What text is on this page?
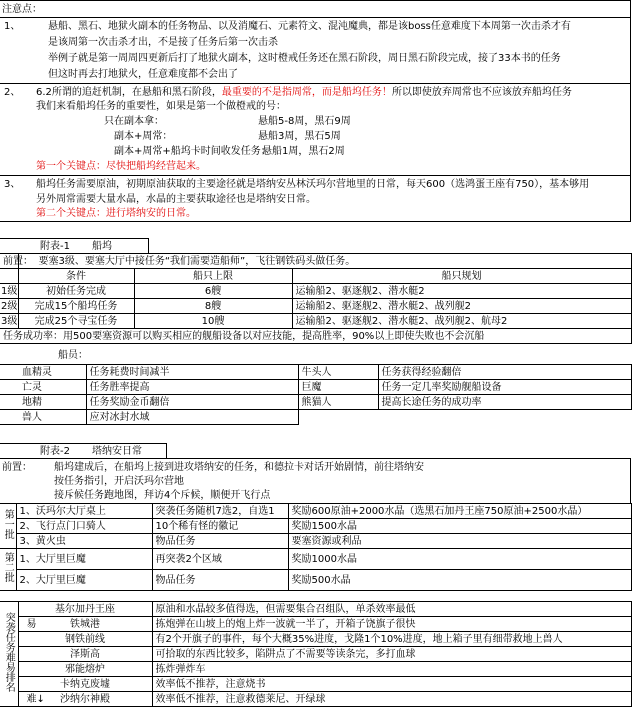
注意点：
1、	悬船、黑石、地狱火副本的任务物品、以及消魔石、元素符文、混沌魔典，都是该boss任意难度下本周第一次击杀才有
是该周第一次击杀才出，不是接了任务后第一次击杀
举例子就是第一周周四更新后打了地狱火副本，这时橙戒任务还在黑石阶段，周日黑石阶段完成，接了33本书的任务
但这时再去打地狱火，任意难度都不会出了
2、 6.2所谓的追赶机制，在悬船和黑石阶段，最重要的不是指周常，而是船坞任务！所以即使放弃周常也不应该放弃船坞任务
我们来看船坞任务的重要性，如果是第一个做橙戒的号：
只在副本拿：	悬船5-8周，黑石9周
副本+周常：	悬船3周，黑石5周
副本+周常+船坞卡时间收发任务：
悬船1周，黑石2周
第一个关键点：尽快把船坞经营起来。
3、 船坞任务需要原油，初期原油获取的主要途径就是塔纳安丛林沃玛尔营地里的日常，每天600（选鸿蛋王座有750），基本够用
另外周常需要大量水晶，水晶的主要获取途径也是塔纳安日常。
第二个关键点：进行塔纳安的日常。
附表-1 船坞
前置：	要塞3级、要塞大厅中接任务“我们需要造船师”，飞往钢铁码头做任务。		
	条件	船只上限	船只规划
1级	初始任务完成	6艘	运输船2、驱逐舰2、潜水艇2
2级	完成15个船坞任务	8艘	运输船2、驱逐舰2、潜水艇2、战列舰2
3级	完成25个寻宝任务	10艘	运输船2、驱逐舰2、潜水艇2、战列舰2、航母2
任务成功率：用500要塞资源可以购买相应的舰船设备以对应技能，提高胜率，90%以上即使失败也不会沉船			
船员：
血精灵	任务耗费时间减半	牛头人	任务获得经验翻倍
亡灵	任务胜率提高	巨魔	任务一定几率奖励舰船设备
地精	任务奖励金币翻倍	熊猫人	提高长途任务的成功率
兽人	应对冰封水域		
附表-2 塔纳安日常
前置： 船坞建成后，在船坞上接到进攻塔纳安的任务，和德拉卡对话开始剧情，前往塔纳安
按任务指引，开启沃玛尔营地
接斥候任务跑地图，拜访4个斥候，顺便开飞行点
第一批	1、沃玛尔大厅桌上	突袭任务随机7选2，自选1	奖励600原油+2000水晶（选黑石加丹王座750原油+2500水晶）
	2、飞行点门口骑人	10个稀有怪的徽记	奖励1500水晶
	3、黄火虫	物品任务	要塞资源或利品
第二批	1、大厅里巨魔	再突袭2个区域	奖励1000水晶
	2、大厅里巨魔	物品任务	奖励500水晶
突袭任务难易排名	基尔加丹王座	原油和水晶较多值得选，但需要集合召组队，单杀效率最低

	易 铁城港	拣炮弹在山坡上的炮上炸一波就一半了，开箱子饶旗子很快
	钢铁前线	有2个开旗子的事件，每个大概35%进度，戈隆1个10%进度，地上箱子里有细带救地上兽人
	泽斯高	可拾取的东西比较多，陷阱点了不需要等读条完，多打血球
	邪能熔炉	拣炸弹炸车
	卡纳克废墟	效率低不推荐，注意烧书

	难↓ 沙纳尔神殿	效率低不推荐，注意救德莱尼、开绿球
